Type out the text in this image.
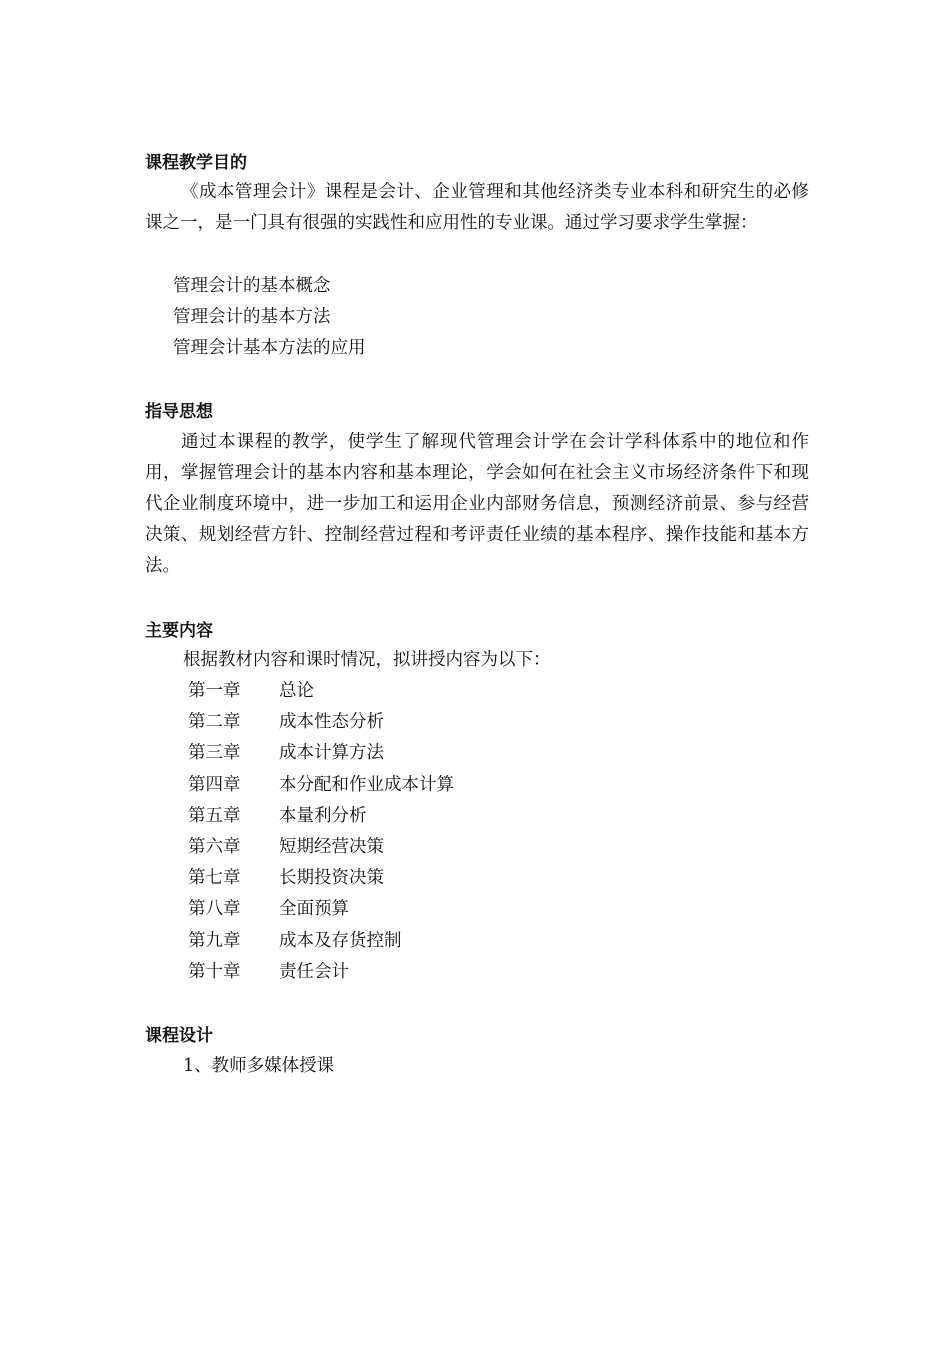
课程教学目的
《成本管理会计》课程是会计、企业管理和其他经济类专业本科和研究生的必修课之一，是一门具有很强的实践性和应用性的专业课。通过学习要求学生掌握：
管理会计的基本概念
管理会计的基本方法
管理会计基本方法的应用
指导思想
通过本课程的教学，使学生了解现代管理会计学在会计学科体系中的地位和作用，掌握管理会计的基本内容和基本理论，学会如何在社会主义市场经济条件下和现代企业制度环境中，进一步加工和运用企业内部财务信息，预测经济前景、参与经营决策、规划经营方针、控制经营过程和考评责任业绩的基本程序、操作技能和基本方法。
主要内容
根据教材内容和课时情况，拟讲授内容为以下：
第一章 总论
第二章 成本性态分析
第三章 成本计算方法
第四章 本分配和作业成本计算
第五章 本量利分析
第六章 短期经营决策
第七章 长期投资决策
第八章 全面预算
第九章 成本及存货控制
第十章 责任会计
课程设计
1、教师多媒体授课
